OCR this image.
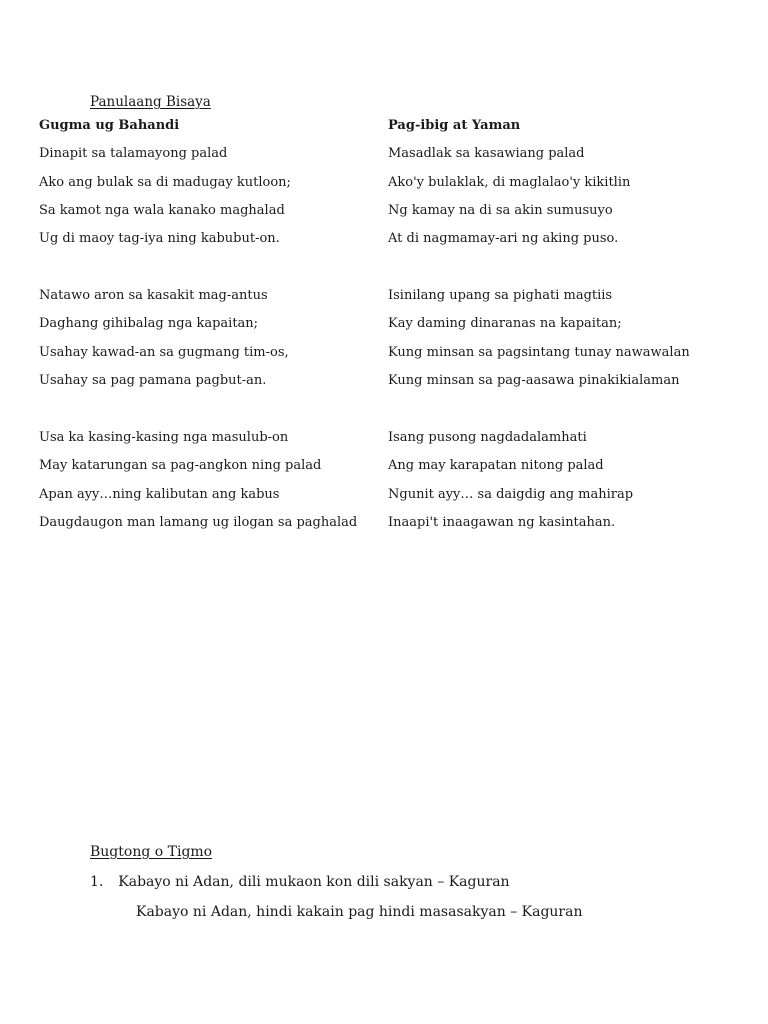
Panulaang Bisaya
Gugma ug Bahandi
Dinapit sa talamayong palad
Ako ang bulak sa di madugay kutloon;
Sa kamot nga wala kanako maghalad
Ug di maoy tag-iya ning kabubut-on.
Natawo aron sa kasakit mag-antus
Daghang gihibalag nga kapaitan;
Usahay kawad-an sa gugmang tim-os,
Usahay sa pag pamana pagbut-an.
Usa ka kasing-kasing nga masulub-on
May katarungan sa pag-angkon ning palad
Apan ayy…ning kalibutan ang kabus
Daugdaugon man lamang ug ilogan sa paghalad
Pag-ibig at Yaman
Masadlak sa kasawiang palad
Ako'y bulaklak, di maglalao'y kikitlin
Ng kamay na di sa akin sumusuyo
At di nagmamay-ari ng aking puso.
Isinilang upang sa pighati magtiis
Kay daming dinaranas na kapaitan;
Kung minsan sa pagsintang tunay nawawalan
Kung minsan sa pag-aasawa pinakikialaman
Isang pusong nagdadalamhati
Ang may karapatan nitong palad
Ngunit ayy… sa daigdig ang mahirap
Inaapi't inaagawan ng kasintahan.
Bugtong o Tigmo
1. Kabayo ni Adan, dili mukaon kon dili sakyan – Kaguran
Kabayo ni Adan, hindi kakain pag hindi masasakyan – Kaguran
